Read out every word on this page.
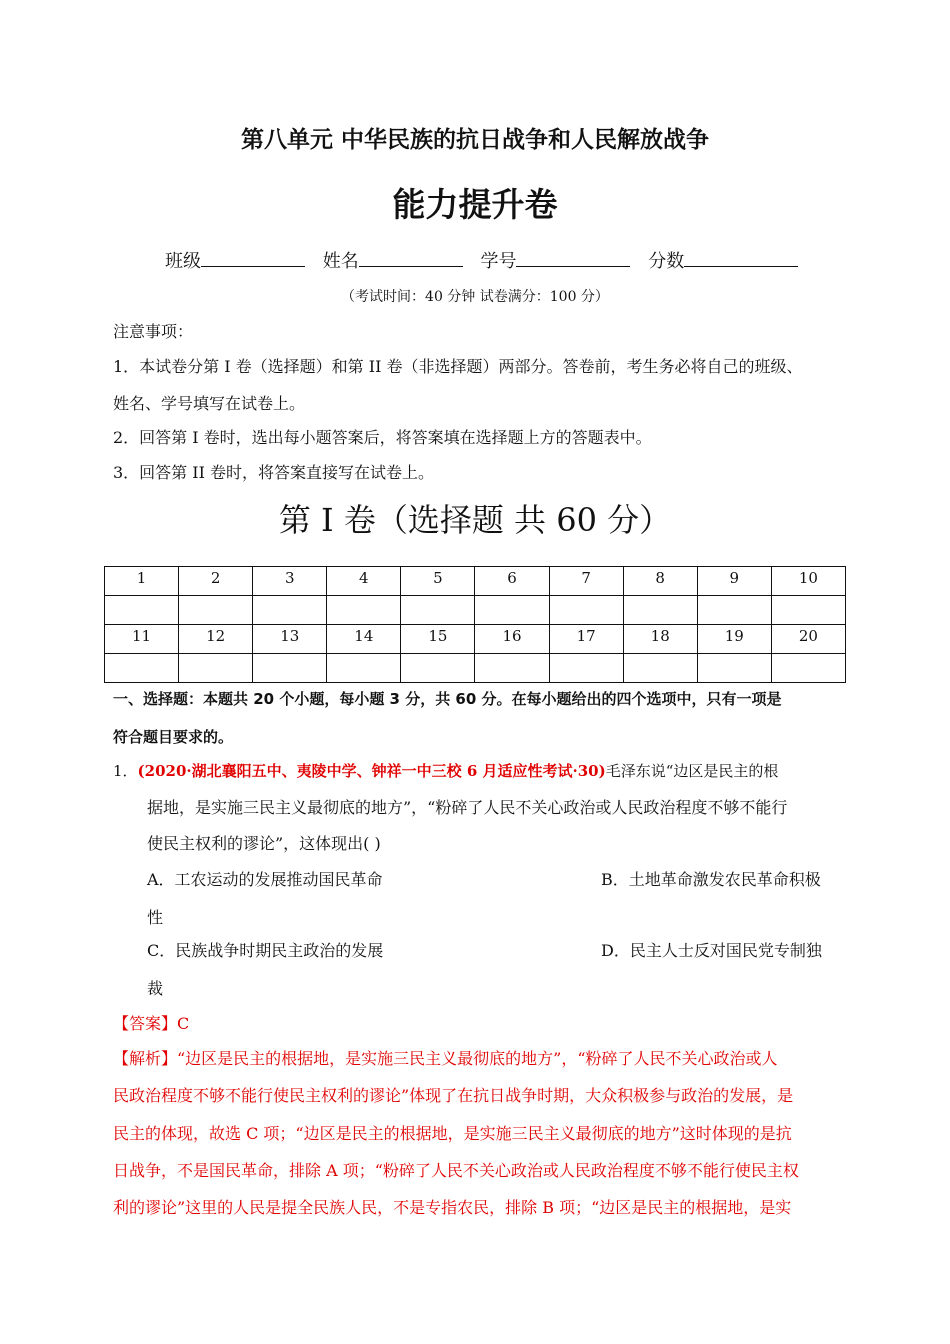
第八单元 中华民族的抗日战争和人民解放战争
能力提升卷
班级	姓名	学号	分数
（考试时间：40 分钟 试卷满分：100 分）
注意事项：
1．本试卷分第 I 卷（选择题）和第 II 卷（非选择题）两部分。答卷前，考生务必将自己的班级、
姓名、学号填写在试卷上。
2．回答第 I 卷时，选出每小题答案后，将答案填在选择题上方的答题表中。
3．回答第 II 卷时，将答案直接写在试卷上。
第 I 卷（选择题 共 60 分）
1	2	3	4	5	6	7	8	9	10

11	12	13	14	15	16	17	18	19	20

一、选择题：本题共 20 个小题，每小题 3 分，共 60 分。在每小题给出的四个选项中，只有一项是
符合题目要求的。
1．(2020·湖北襄阳五中、夷陵中学、钟祥一中三校 6 月适应性考试·30)毛泽东说“边区是民主的根
据地，是实施三民主义最彻底的地方”，“粉碎了人民不关心政治或人民政治程度不够不能行
使民主权利的谬论”，这体现出( )
A．工农运动的发展推动国民革命	B．土地革命激发农民革命积极
性
C．民族战争时期民主政治的发展	D．民主人士反对国民党专制独
裁
【答案】C
【解析】“边区是民主的根据地，是实施三民主义最彻底的地方”，“粉碎了人民不关心政治或人
民政治程度不够不能行使民主权利的谬论”体现了在抗日战争时期，大众积极参与政治的发展，是
民主的体现，故选 C 项；“边区是民主的根据地，是实施三民主义最彻底的地方”这时体现的是抗
日战争，不是国民革命，排除 A 项；“粉碎了人民不关心政治或人民政治程度不够不能行使民主权
利的谬论”这里的人民是提全民族人民，不是专指农民，排除 B 项；“边区是民主的根据地，是实
